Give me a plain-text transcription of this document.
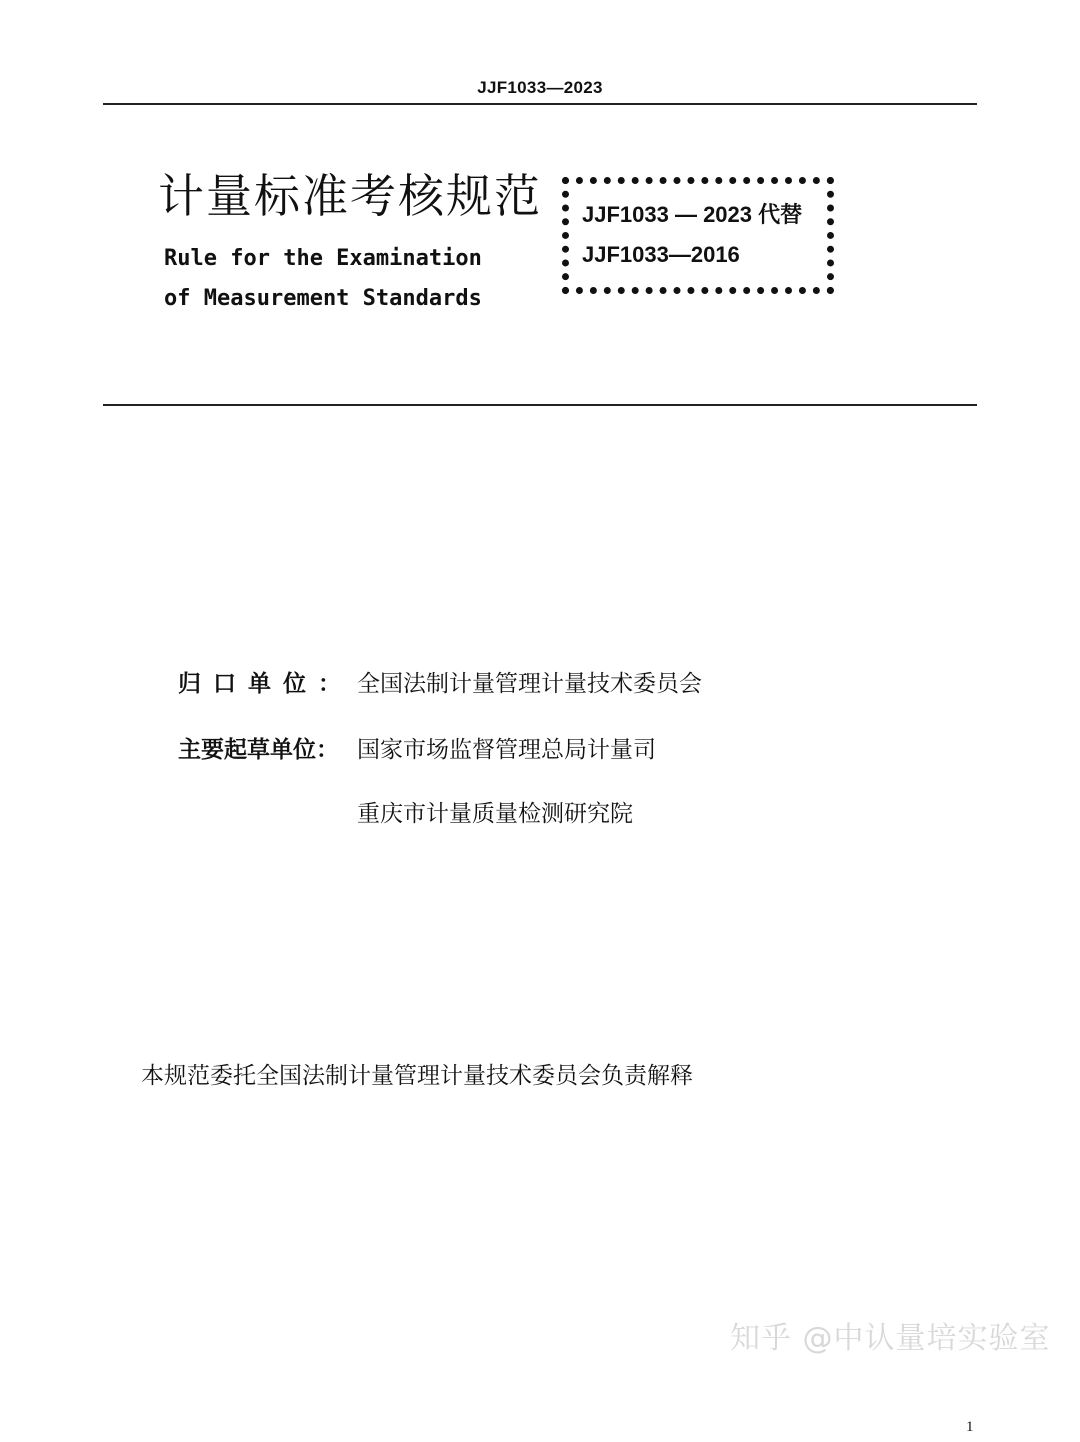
JJF1033—2023
计量标准考核规范
Rule for the Examination
of Measurement Standards
JJF1033 — 2023 代替
JJF1033—2016
归口单位： 全国法制计量管理计量技术委员会
主要起草单位： 国家市场监督管理总局计量司
重庆市计量质量检测研究院
本规范委托全国法制计量管理计量技术委员会负责解释
知乎 @中认量培实验室
1
